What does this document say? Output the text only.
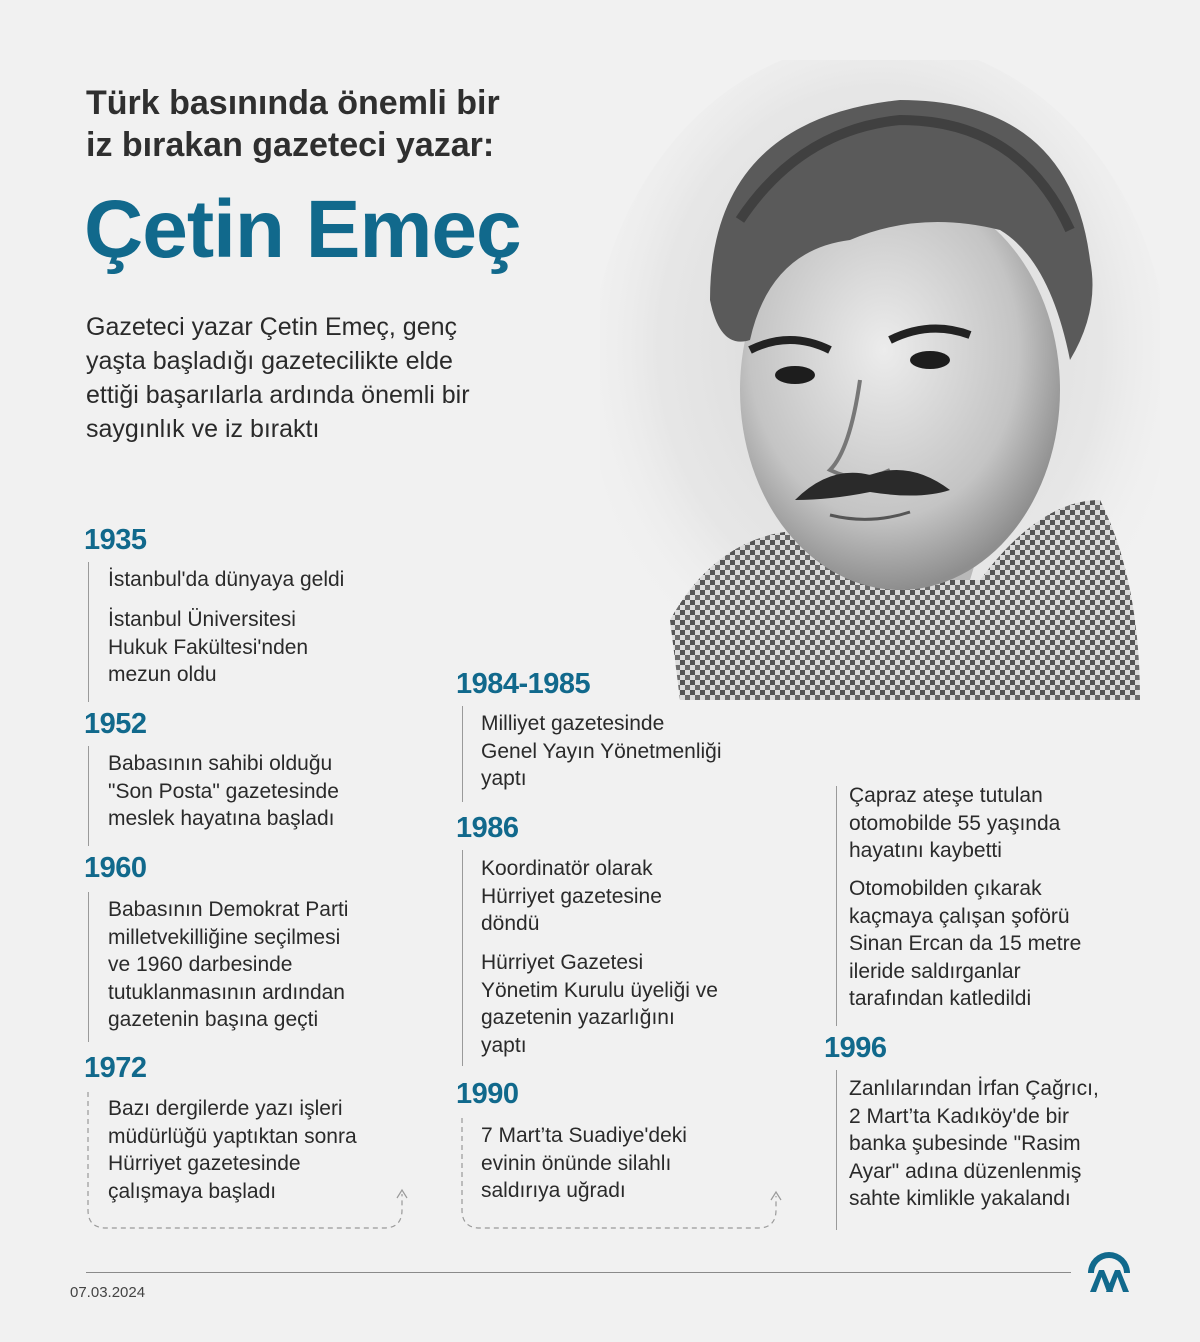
Türk basınında önemli bir
iz bırakan gazeteci yazar:
Çetin Emeç
Gazeteci yazar Çetin Emeç, genç
yaşta başladığı gazetecilikte elde
ettiği başarılarla ardında önemli bir
saygınlık ve iz bıraktı
1935
İstanbul'da dünyaya geldi
İstanbul Üniversitesi
Hukuk Fakültesi'nden
mezun oldu
1952
Babasının sahibi olduğu
"Son Posta" gazetesinde
meslek hayatına başladı
1960
Babasının Demokrat Parti
milletvekilliğine seçilmesi
ve 1960 darbesinde
tutuklanmasının ardından
gazetenin başına geçti
1972
Bazı dergilerde yazı işleri
müdürlüğü yaptıktan sonra
Hürriyet gazetesinde
çalışmaya başladı
1984-1985
Milliyet gazetesinde
Genel Yayın Yönetmenliği
yaptı
1986
Koordinatör olarak
Hürriyet gazetesine
döndü
Hürriyet Gazetesi
Yönetim Kurulu üyeliği ve
gazetenin yazarlığını
yaptı
1990
7 Mart’ta Suadiye'deki
evinin önünde silahlı
saldırıya uğradı
Çapraz ateşe tutulan
otomobilde 55 yaşında
hayatını kaybetti
Otomobilden çıkarak
kaçmaya çalışan şoförü
Sinan Ercan da 15 metre
ileride saldırganlar
tarafından katledildi
1996
Zanlılarından İrfan Çağrıcı,
2 Mart’ta Kadıköy'de bir
banka şubesinde "Rasim
Ayar" adına düzenlenmiş
sahte kimlikle yakalandı
07.03.2024
